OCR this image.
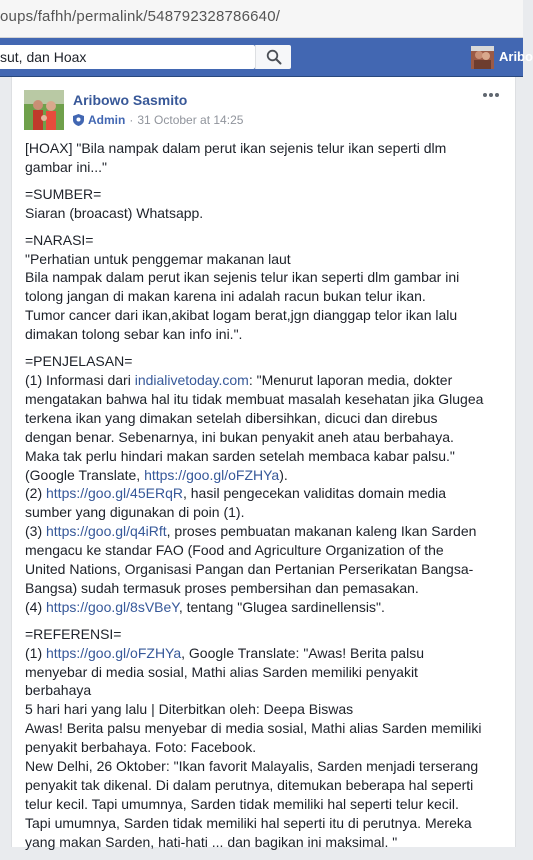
oups/fafhh/permalink/548792328786640/
sut, dan Hoax	Aribo
Aribowo Sasmito
Admin · 31 October at 14:25

[HOAX] "Bila nampak dalam perut ikan sejenis telur ikan seperti dlm
gambar ini..."

=SUMBER=
Siaran (broacast) Whatsapp.

=NARASI=
"Perhatian untuk penggemar makanan laut
Bila nampak dalam perut ikan sejenis telur ikan seperti dlm gambar ini
tolong jangan di makan karena ini adalah racun bukan telur ikan.
Tumor cancer dari ikan,akibat logam berat,jgn dianggap telor ikan lalu
dimakan tolong sebar kan info ini.".

=PENJELASAN=
(1) Informasi dari indialivetoday.com: "Menurut laporan media, dokter
mengatakan bahwa hal itu tidak membuat masalah kesehatan jika Glugea
terkena ikan yang dimakan setelah dibersihkan, dicuci dan direbus
dengan benar. Sebenarnya, ini bukan penyakit aneh atau berbahaya.
Maka tak perlu hindari makan sarden setelah membaca kabar palsu."
(Google Translate, https://goo.gl/oFZHYa).
(2) https://goo.gl/45ERqR, hasil pengecekan validitas domain media
sumber yang digunakan di poin (1).
(3) https://goo.gl/q4iRft, proses pembuatan makanan kaleng Ikan Sarden
mengacu ke standar FAO (Food and Agriculture Organization of the
United Nations, Organisasi Pangan dan Pertanian Perserikatan Bangsa-
Bangsa) sudah termasuk proses pembersihan dan pemasakan.
(4) https://goo.gl/8sVBeY, tentang "Glugea sardinellensis".

=REFERENSI=
(1) https://goo.gl/oFZHYa, Google Translate: "Awas! Berita palsu
menyebar di media sosial, Mathi alias Sarden memiliki penyakit
berbahaya
5 hari hari yang lalu | Diterbitkan oleh: Deepa Biswas
Awas! Berita palsu menyebar di media sosial, Mathi alias Sarden memiliki
penyakit berbahaya. Foto: Facebook.
New Delhi, 26 Oktober: "Ikan favorit Malayalis, Sarden menjadi terserang
penyakit tak dikenal. Di dalam perutnya, ditemukan beberapa hal seperti
telur kecil. Tapi umumnya, Sarden tidak memiliki hal seperti telur kecil.
Tapi umumnya, Sarden tidak memiliki hal seperti itu di perutnya. Mereka
yang makan Sarden, hati-hati ... dan bagikan ini maksimal. "
